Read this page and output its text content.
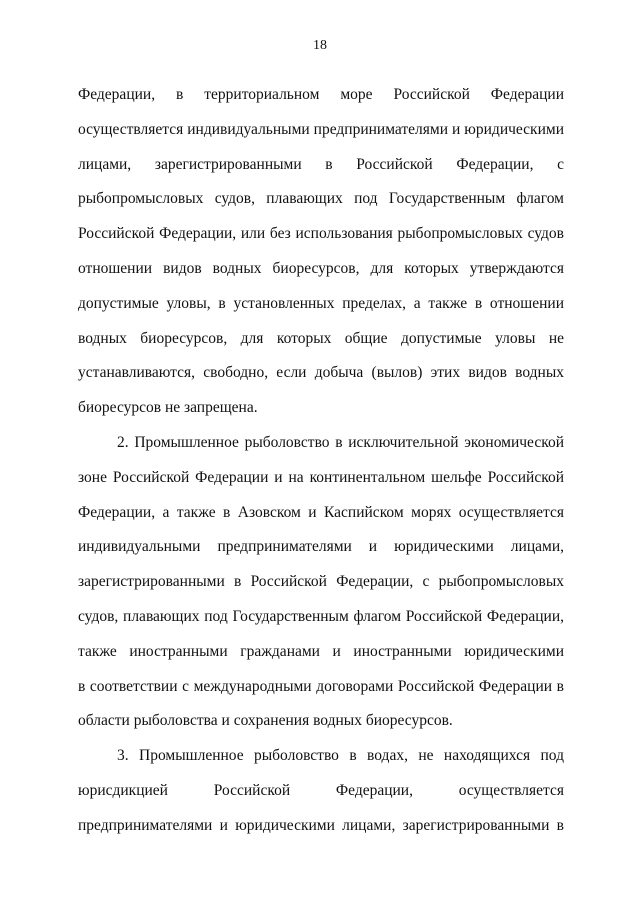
18
Федерации, в территориальном море Российской Федерации
осуществляется индивидуальными предпринимателями и юридическими
лицами, зарегистрированными в Российской Федерации, с
рыбопромысловых судов, плавающих под Государственным флагом
Российской Федерации, или без использования рыбопромысловых судов
отношении видов водных биоресурсов, для которых утверждаются
допустимые уловы, в установленных пределах, а также в отношении
водных биоресурсов, для которых общие допустимые уловы не
устанавливаются, свободно, если добыча (вылов) этих видов водных
биоресурсов не запрещена.
2. Промышленное рыболовство в исключительной экономической
зоне Российской Федерации и на континентальном шельфе Российской
Федерации, а также в Азовском и Каспийском морях осуществляется
индивидуальными предпринимателями и юридическими лицами,
зарегистрированными в Российской Федерации, с рыбопромысловых
судов, плавающих под Государственным флагом Российской Федерации,
также иностранными гражданами и иностранными юридическими
в соответствии с международными договорами Российской Федерации в
области рыболовства и сохранения водных биоресурсов.
3. Промышленное рыболовство в водах, не находящихся под
юрисдикцией Российской Федерации, осуществляется
предпринимателями и юридическими лицами, зарегистрированными в
